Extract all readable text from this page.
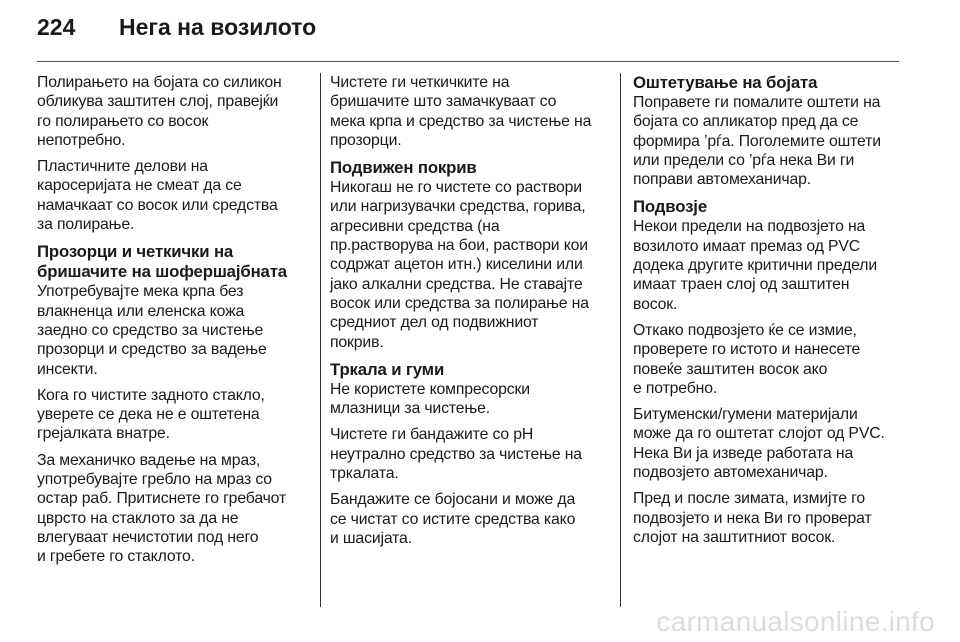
224	Нега на возилото

Полирањето на бојата со силикон
обликува заштитен слој, правејќи
го полирањето со восок
непотребно.

Пластичните делови на
каросеријата не смеат да се
намачкаат со восок или средства
за полирање.

Прозорци и четкички на
бришачите на шофершајбната

Употребувајте мека крпа без
влакненца или еленска кожа
заедно со средство за чистење
прозорци и средство за вадење
инсекти.

Кога го чистите задното стакло,
уверете се дека не е оштетена
грејалката внатре.

За механичко вадење на мраз,
употребувајте гребло на мраз со
остар раб. Притиснете го гребачот
цврсто на стаклото за да не
влегуваат нечистотии под него
и гребете го стаклото.

Чистете ги четкичките на
бришачите што замачкуваат со
мека крпа и средство за чистење на
прозорци.

Подвижен покрив

Никогаш не го чистете со раствори
или нагризувачки средства, горива,
агресивни средства (на
пр.растворува на бои, раствори кои
содржат ацетон итн.) киселини или
јако алкални средства. Не ставајте
восок или средства за полирање на
средниот дел од подвижниот
покрив.

Тркала и гуми

Не користете компресорски
млазници за чистење.

Чистете ги бандажите со pH
неутрално средство за чистење на
тркалата.

Бандажите се бојосани и може да
се чистат со истите средства како
и шасијата.

Оштетување на бојата

Поправете ги помалите оштети на
бојата со апликатор пред да се
формира ’рѓа. Поголемите оштети
или предели со ’рѓа нека Ви ги
поправи автомеханичар.

Подвозје

Некои предели на подвозјето на
возилото имаат премаз од PVC
додека другите критични предели
имаат траен слој од заштитен
восок.

Откако подвозјето ќе се измие,
проверете го истото и нанесете
повеќе заштитен восок ако
е потребно.

Битуменски/гумени материјали
може да го оштетат слојот од PVC.
Нека Ви ја изведе работата на
подвозјето автомеханичар.

Пред и после зимата, измијте го
подвозјето и нека Ви го проверат
слојот на заштитниот восок.

carmanualsonline.info
